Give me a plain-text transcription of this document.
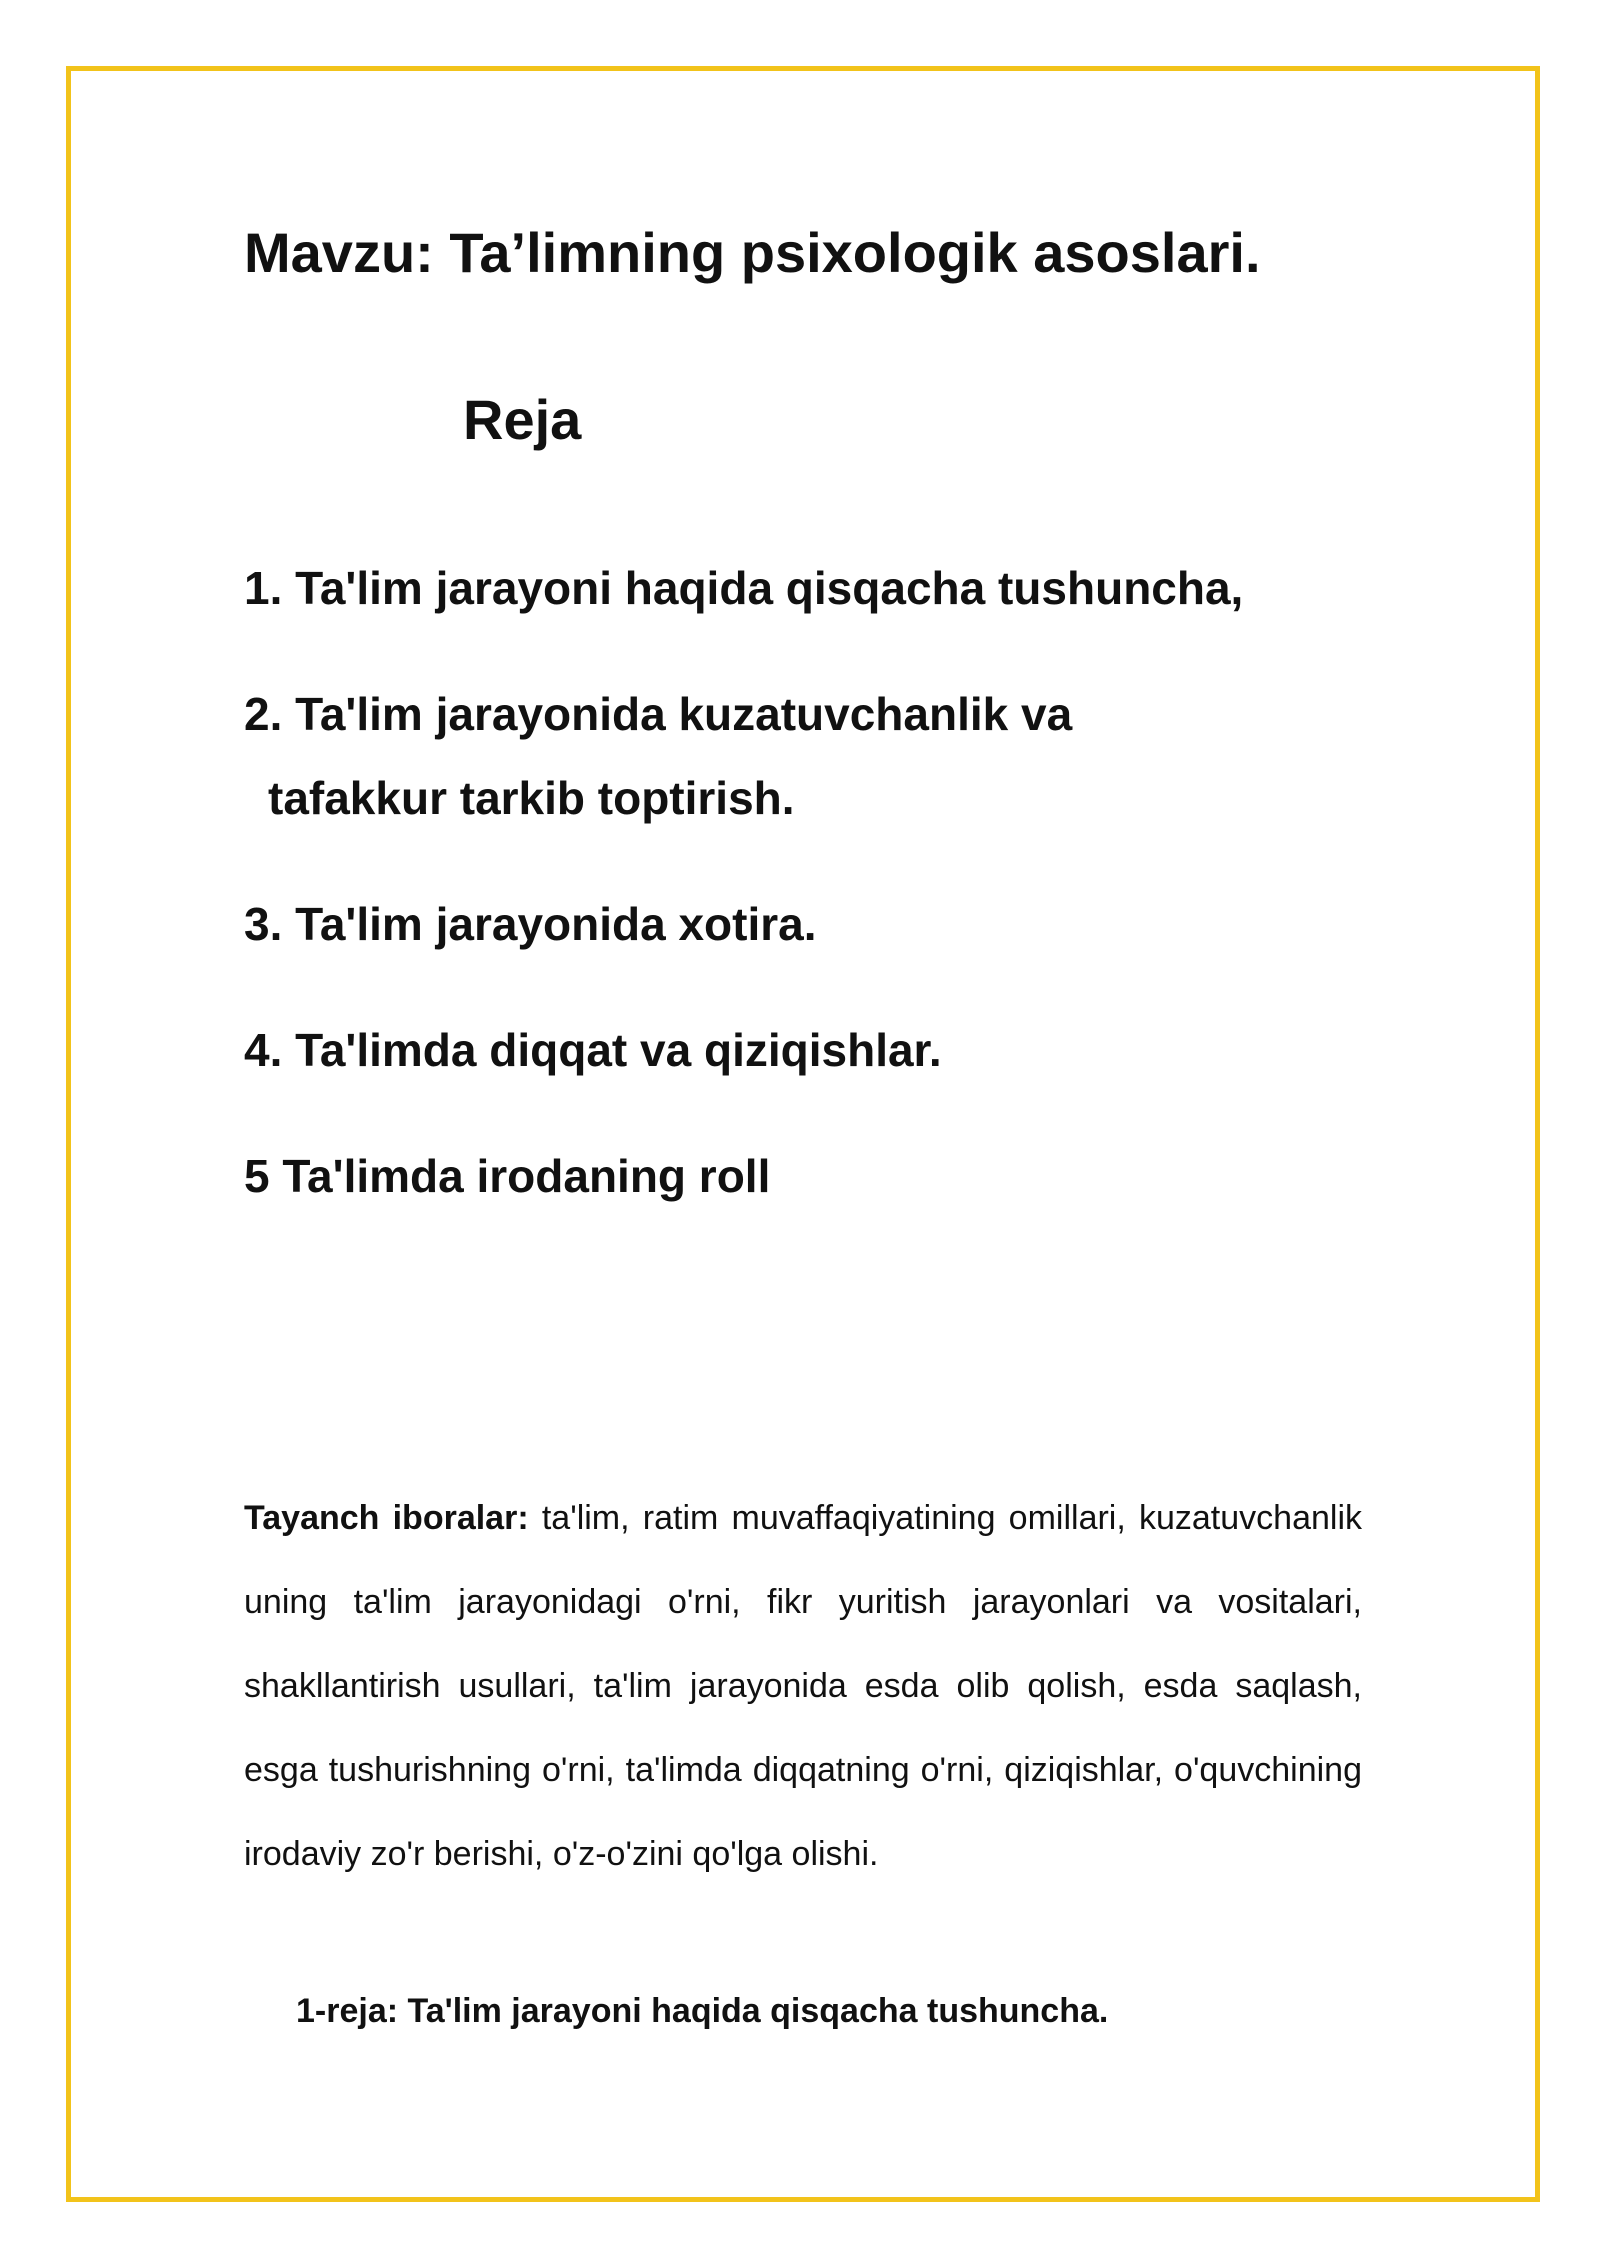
Mavzu: Ta’limning psixologik asoslari.
Reja
1. Ta'lim jarayoni haqida qisqacha tushuncha,
2. Ta'lim jarayonida kuzatuvchanlik va
tafakkur tarkib toptirish.
3. Ta'lim jarayonida xotira.
4. Ta'limda diqqat va qiziqishlar.
5 Ta'limda irodaning roll

Tayanch iboralar: ta'lim, ratim muvaffaqiyatining omillari, kuzatuvchanlik uning ta'lim jarayonidagi o'rni, fikr yuritish jarayonlari va vositalari, shakllantirish usullari, ta'lim jarayonida esda olib qolish, esda saqlash, esga tushurishning o'rni, ta'limda diqqatning o'rni, qiziqishlar, o'quvchining irodaviy zo'r berishi, o'z-o'zini qo'lga olishi.

1-reja: Ta'lim jarayoni haqida qisqacha tushuncha.
